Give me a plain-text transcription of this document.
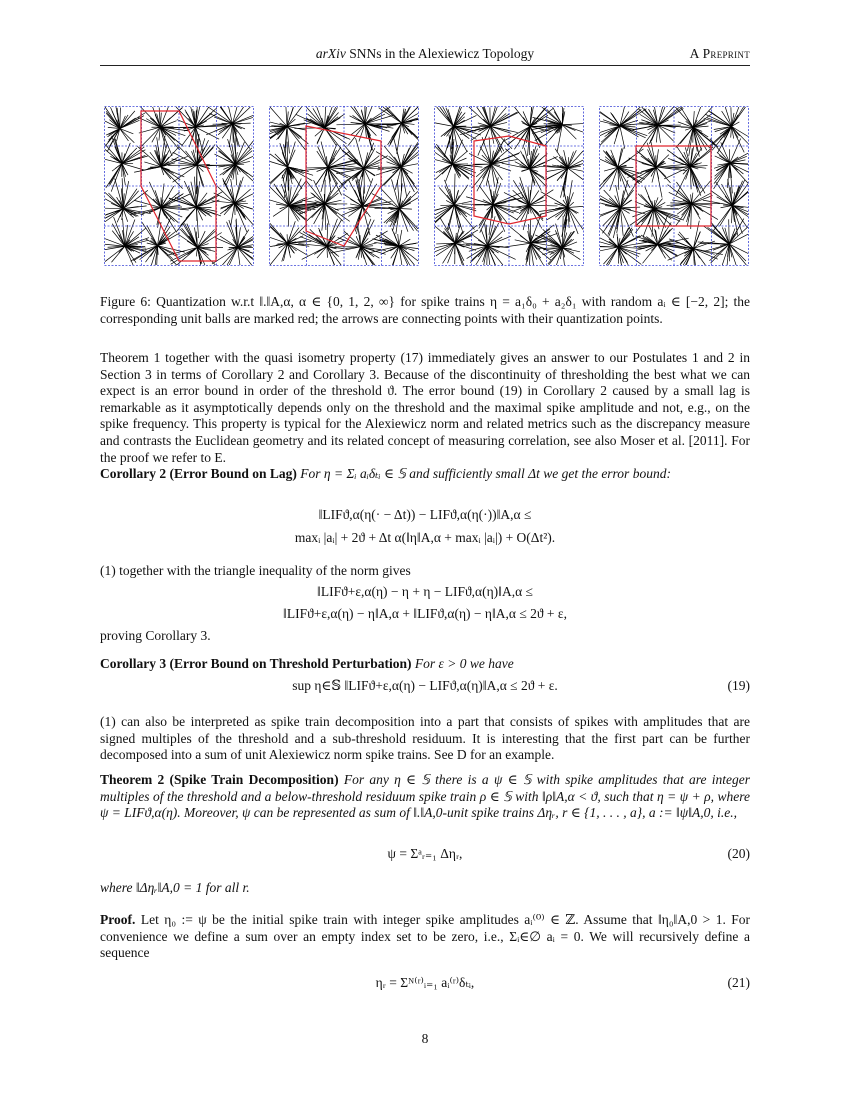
arXiv SNNs in the Alexiewicz Topology	A Preprint
Figure 6: Quantization w.r.t ‖.‖A,α, α ∈ {0, 1, 2, ∞} for spike trains η = a₁δ₀ + a₂δ₁ with random aᵢ ∈ [−2, 2]; the corresponding unit balls are marked red; the arrows are connecting points with their quantization points.
Theorem 1 together with the quasi isometry property (17) immediately gives an answer to our Postulates 1 and 2 in Section 3 in terms of Corollary 2 and Corollary 3. Because of the discontinuity of thresholding the best what we can expect is an error bound in order of the threshold ϑ. The error bound (19) in Corollary 2 caused by a small lag is remarkable as it asymptotically depends only on the threshold and the maximal spike amplitude and not, e.g., on the spike frequency. This property is typical for the Alexiewicz norm and related metrics such as the discrepancy measure and contrasts the Euclidean geometry and its related concept of measuring correlation, see also Moser et al. [2011]. For the proof we refer to E.
Corollary 2 (Error Bound on Lag) For η = Σᵢ aᵢδₜᵢ ∈ 𝕊 and sufficiently small Δt we get the error bound:
‖LIFϑ,α(η(· − Δt)) − LIFϑ,α(η(·))‖A,α ≤
maxᵢ |aᵢ| + 2ϑ + Δt α(‖η‖A,α + maxᵢ |aᵢ|) + O(Δt²).
(1) together with the triangle inequality of the norm gives
‖LIFϑ+ε,α(η) − η + η − LIFϑ,α(η)‖A,α ≤
‖LIFϑ+ε,α(η) − η‖A,α + ‖LIFϑ,α(η) − η‖A,α ≤ 2ϑ + ε,
proving Corollary 3.
Corollary 3 (Error Bound on Threshold Perturbation) For ε > 0 we have
sup η∈𝕊 ‖LIFϑ+ε,α(η) − LIFϑ,α(η)‖A,α ≤ 2ϑ + ε.	(19)
(1) can also be interpreted as spike train decomposition into a part that consists of spikes with amplitudes that are signed multiples of the threshold and a sub-threshold residuum. It is interesting that the first part can be further decomposed into a sum of unit Alexiewicz norm spike trains. See D for an example.
Theorem 2 (Spike Train Decomposition) For any η ∈ 𝕊 there is a ψ ∈ 𝕊 with spike amplitudes that are integer multiples of the threshold and a below-threshold residuum spike train ρ ∈ 𝕊 with ‖ρ‖A,α < ϑ, such that η = ψ + ρ, where ψ = LIFϑ,α(η). Moreover, ψ can be represented as sum of ‖.‖A,0-unit spike trains Δηᵣ, r ∈ {1, . . . , a}, a := ‖ψ‖A,0, i.e.,
ψ = Σᵃᵣ₌₁ Δηᵣ,	(20)
where ‖Δηᵣ‖A,0 = 1 for all r.
Proof. Let η₀ := ψ be the initial spike train with integer spike amplitudes aᵢ⁽⁰⁾ ∈ ℤ. Assume that ‖η₀‖A,0 > 1. For convenience we define a sum over an empty index set to be zero, i.e., Σᵢ∈∅ aᵢ = 0. We will recursively define a sequence
ηᵣ = Σᴺ⁽ʳ⁾ᵢ₌₁ aᵢ⁽ʳ⁾δₜᵢ,	(21)
8
